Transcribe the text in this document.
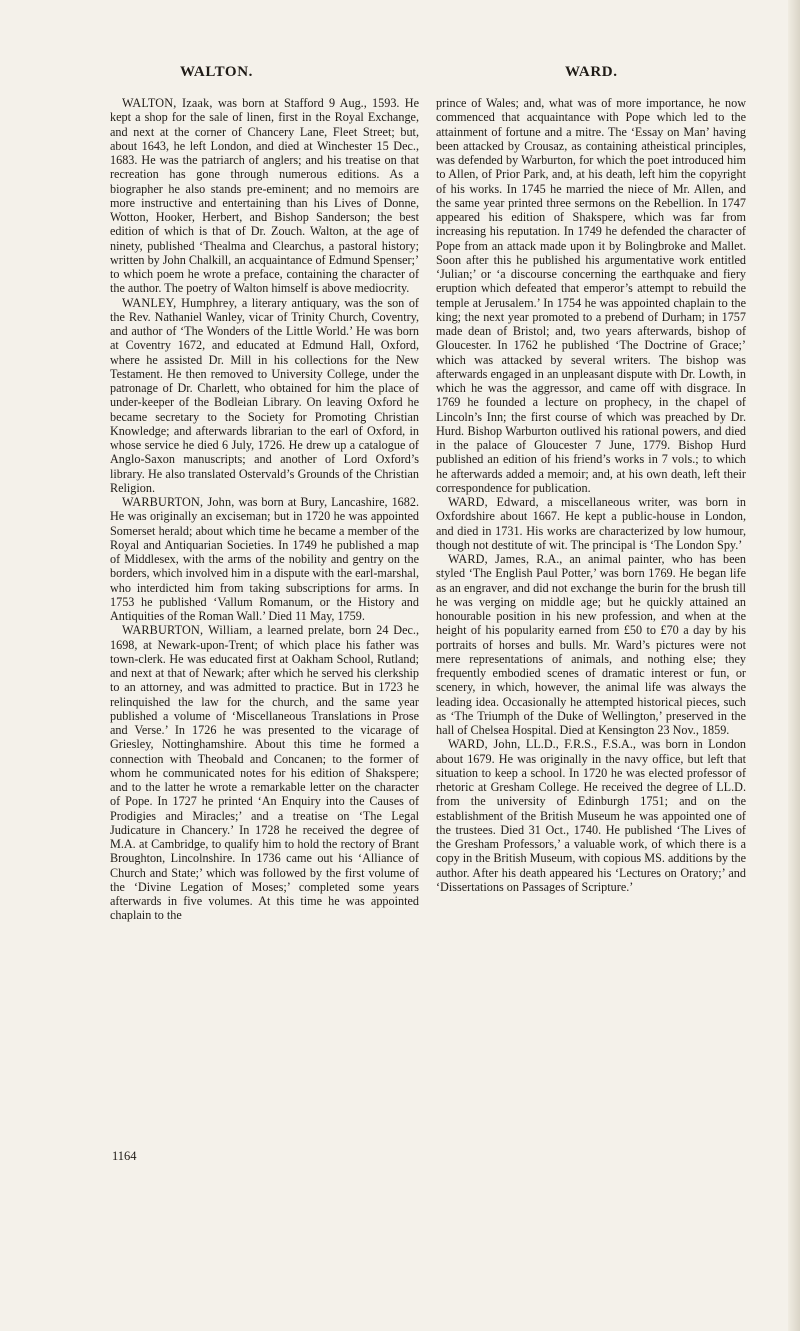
WALTON.	WARD.

WALTON, Izaak, was born at Stafford 9 Aug., 1593. He kept a shop for the sale of linen, first in the Royal Exchange, and next at the corner of Chancery Lane, Fleet Street; but, about 1643, he left London, and died at Winchester 15 Dec., 1683. He was the patriarch of anglers; and his treatise on that recreation has gone through numerous editions. As a biographer he also stands pre-eminent; and no memoirs are more instructive and entertaining than his Lives of Donne, Wotton, Hooker, Herbert, and Bishop Sanderson; the best edition of which is that of Dr. Zouch. Walton, at the age of ninety, published ‘Thealma and Clearchus, a pastoral history; written by John Chalkill, an acquaintance of Edmund Spenser;’ to which poem he wrote a preface, containing the character of the author. The poetry of Walton himself is above mediocrity.

WANLEY, Humphrey, a literary antiquary, was the son of the Rev. Nathaniel Wanley, vicar of Trinity Church, Coventry, and author of ‘The Wonders of the Little World.’ He was born at Coventry 1672, and educated at Edmund Hall, Oxford, where he assisted Dr. Mill in his collections for the New Testament. He then removed to University College, under the patronage of Dr. Charlett, who obtained for him the place of under-keeper of the Bodleian Library. On leaving Oxford he became secretary to the Society for Promoting Christian Knowledge; and afterwards librarian to the earl of Oxford, in whose service he died 6 July, 1726. He drew up a catalogue of Anglo-Saxon manuscripts; and another of Lord Oxford’s library. He also translated Ostervald’s Grounds of the Christian Religion.

WARBURTON, John, was born at Bury, Lancashire, 1682. He was originally an exciseman; but in 1720 he was appointed Somerset herald; about which time he became a member of the Royal and Antiquarian Societies. In 1749 he published a map of Middlesex, with the arms of the nobility and gentry on the borders, which involved him in a dispute with the earl-marshal, who interdicted him from taking subscriptions for arms. In 1753 he published ‘Vallum Romanum, or the History and Antiquities of the Roman Wall.’ Died 11 May, 1759.

WARBURTON, William, a learned prelate, born 24 Dec., 1698, at Newark-upon-Trent; of which place his father was town-clerk. He was educated first at Oakham School, Rutland; and next at that of Newark; after which he served his clerkship to an attorney, and was admitted to practice. But in 1723 he relinquished the law for the church, and the same year published a volume of ‘Miscellaneous Translations in Prose and Verse.’ In 1726 he was presented to the vicarage of Griesley, Nottinghamshire. About this time he formed a connection with Theobald and Concanen; to the former of whom he communicated notes for his edition of Shakspere; and to the latter he wrote a remarkable letter on the character of Pope. In 1727 he printed ‘An Enquiry into the Causes of Prodigies and Miracles;’ and a treatise on ‘The Legal Judicature in Chancery.’ In 1728 he received the degree of M.A. at Cambridge, to qualify him to hold the rectory of Brant Broughton, Lincolnshire. In 1736 came out his ‘Alliance of Church and State;’ which was followed by the first volume of the ‘Divine Legation of Moses;’ completed some years afterwards in five volumes. At this time he was appointed chaplain to the

prince of Wales; and, what was of more importance, he now commenced that acquaintance with Pope which led to the attainment of fortune and a mitre. The ‘Essay on Man’ having been attacked by Crousaz, as containing atheistical principles, was defended by Warburton, for which the poet introduced him to Allen, of Prior Park, and, at his death, left him the copyright of his works. In 1745 he married the niece of Mr. Allen, and the same year printed three sermons on the Rebellion. In 1747 appeared his edition of Shakspere, which was far from increasing his reputation. In 1749 he defended the character of Pope from an attack made upon it by Bolingbroke and Mallet. Soon after this he published his argumentative work entitled ‘Julian;’ or ‘a discourse concerning the earthquake and fiery eruption which defeated that emperor’s attempt to rebuild the temple at Jerusalem.’ In 1754 he was appointed chaplain to the king; the next year promoted to a prebend of Durham; in 1757 made dean of Bristol; and, two years afterwards, bishop of Gloucester. In 1762 he published ‘The Doctrine of Grace;’ which was attacked by several writers. The bishop was afterwards engaged in an unpleasant dispute with Dr. Lowth, in which he was the aggressor, and came off with disgrace. In 1769 he founded a lecture on prophecy, in the chapel of Lincoln’s Inn; the first course of which was preached by Dr. Hurd. Bishop Warburton outlived his rational powers, and died in the palace of Gloucester 7 June, 1779. Bishop Hurd published an edition of his friend’s works in 7 vols.; to which he afterwards added a memoir; and, at his own death, left their correspondence for publication.

WARD, Edward, a miscellaneous writer, was born in Oxfordshire about 1667. He kept a public-house in London, and died in 1731. His works are characterized by low humour, though not destitute of wit. The principal is ‘The London Spy.’

WARD, James, R.A., an animal painter, who has been styled ‘The English Paul Potter,’ was born 1769. He began life as an engraver, and did not exchange the burin for the brush till he was verging on middle age; but he quickly attained an honourable position in his new profession, and when at the height of his popularity earned from £50 to £70 a day by his portraits of horses and bulls. Mr. Ward’s pictures were not mere representations of animals, and nothing else; they frequently embodied scenes of dramatic interest or fun, or scenery, in which, however, the animal life was always the leading idea. Occasionally he attempted historical pieces, such as ‘The Triumph of the Duke of Wellington,’ preserved in the hall of Chelsea Hospital. Died at Kensington 23 Nov., 1859.

WARD, John, LL.D., F.R.S., F.S.A., was born in London about 1679. He was originally in the navy office, but left that situation to keep a school. In 1720 he was elected professor of rhetoric at Gresham College. He received the degree of LL.D. from the university of Edinburgh 1751; and on the establishment of the British Museum he was appointed one of the trustees. Died 31 Oct., 1740. He published ‘The Lives of the Gresham Professors,’ a valuable work, of which there is a copy in the British Museum, with copious MS. additions by the author. After his death appeared his ‘Lectures on Oratory;’ and ‘Dissertations on Passages of Scripture.’

1164
